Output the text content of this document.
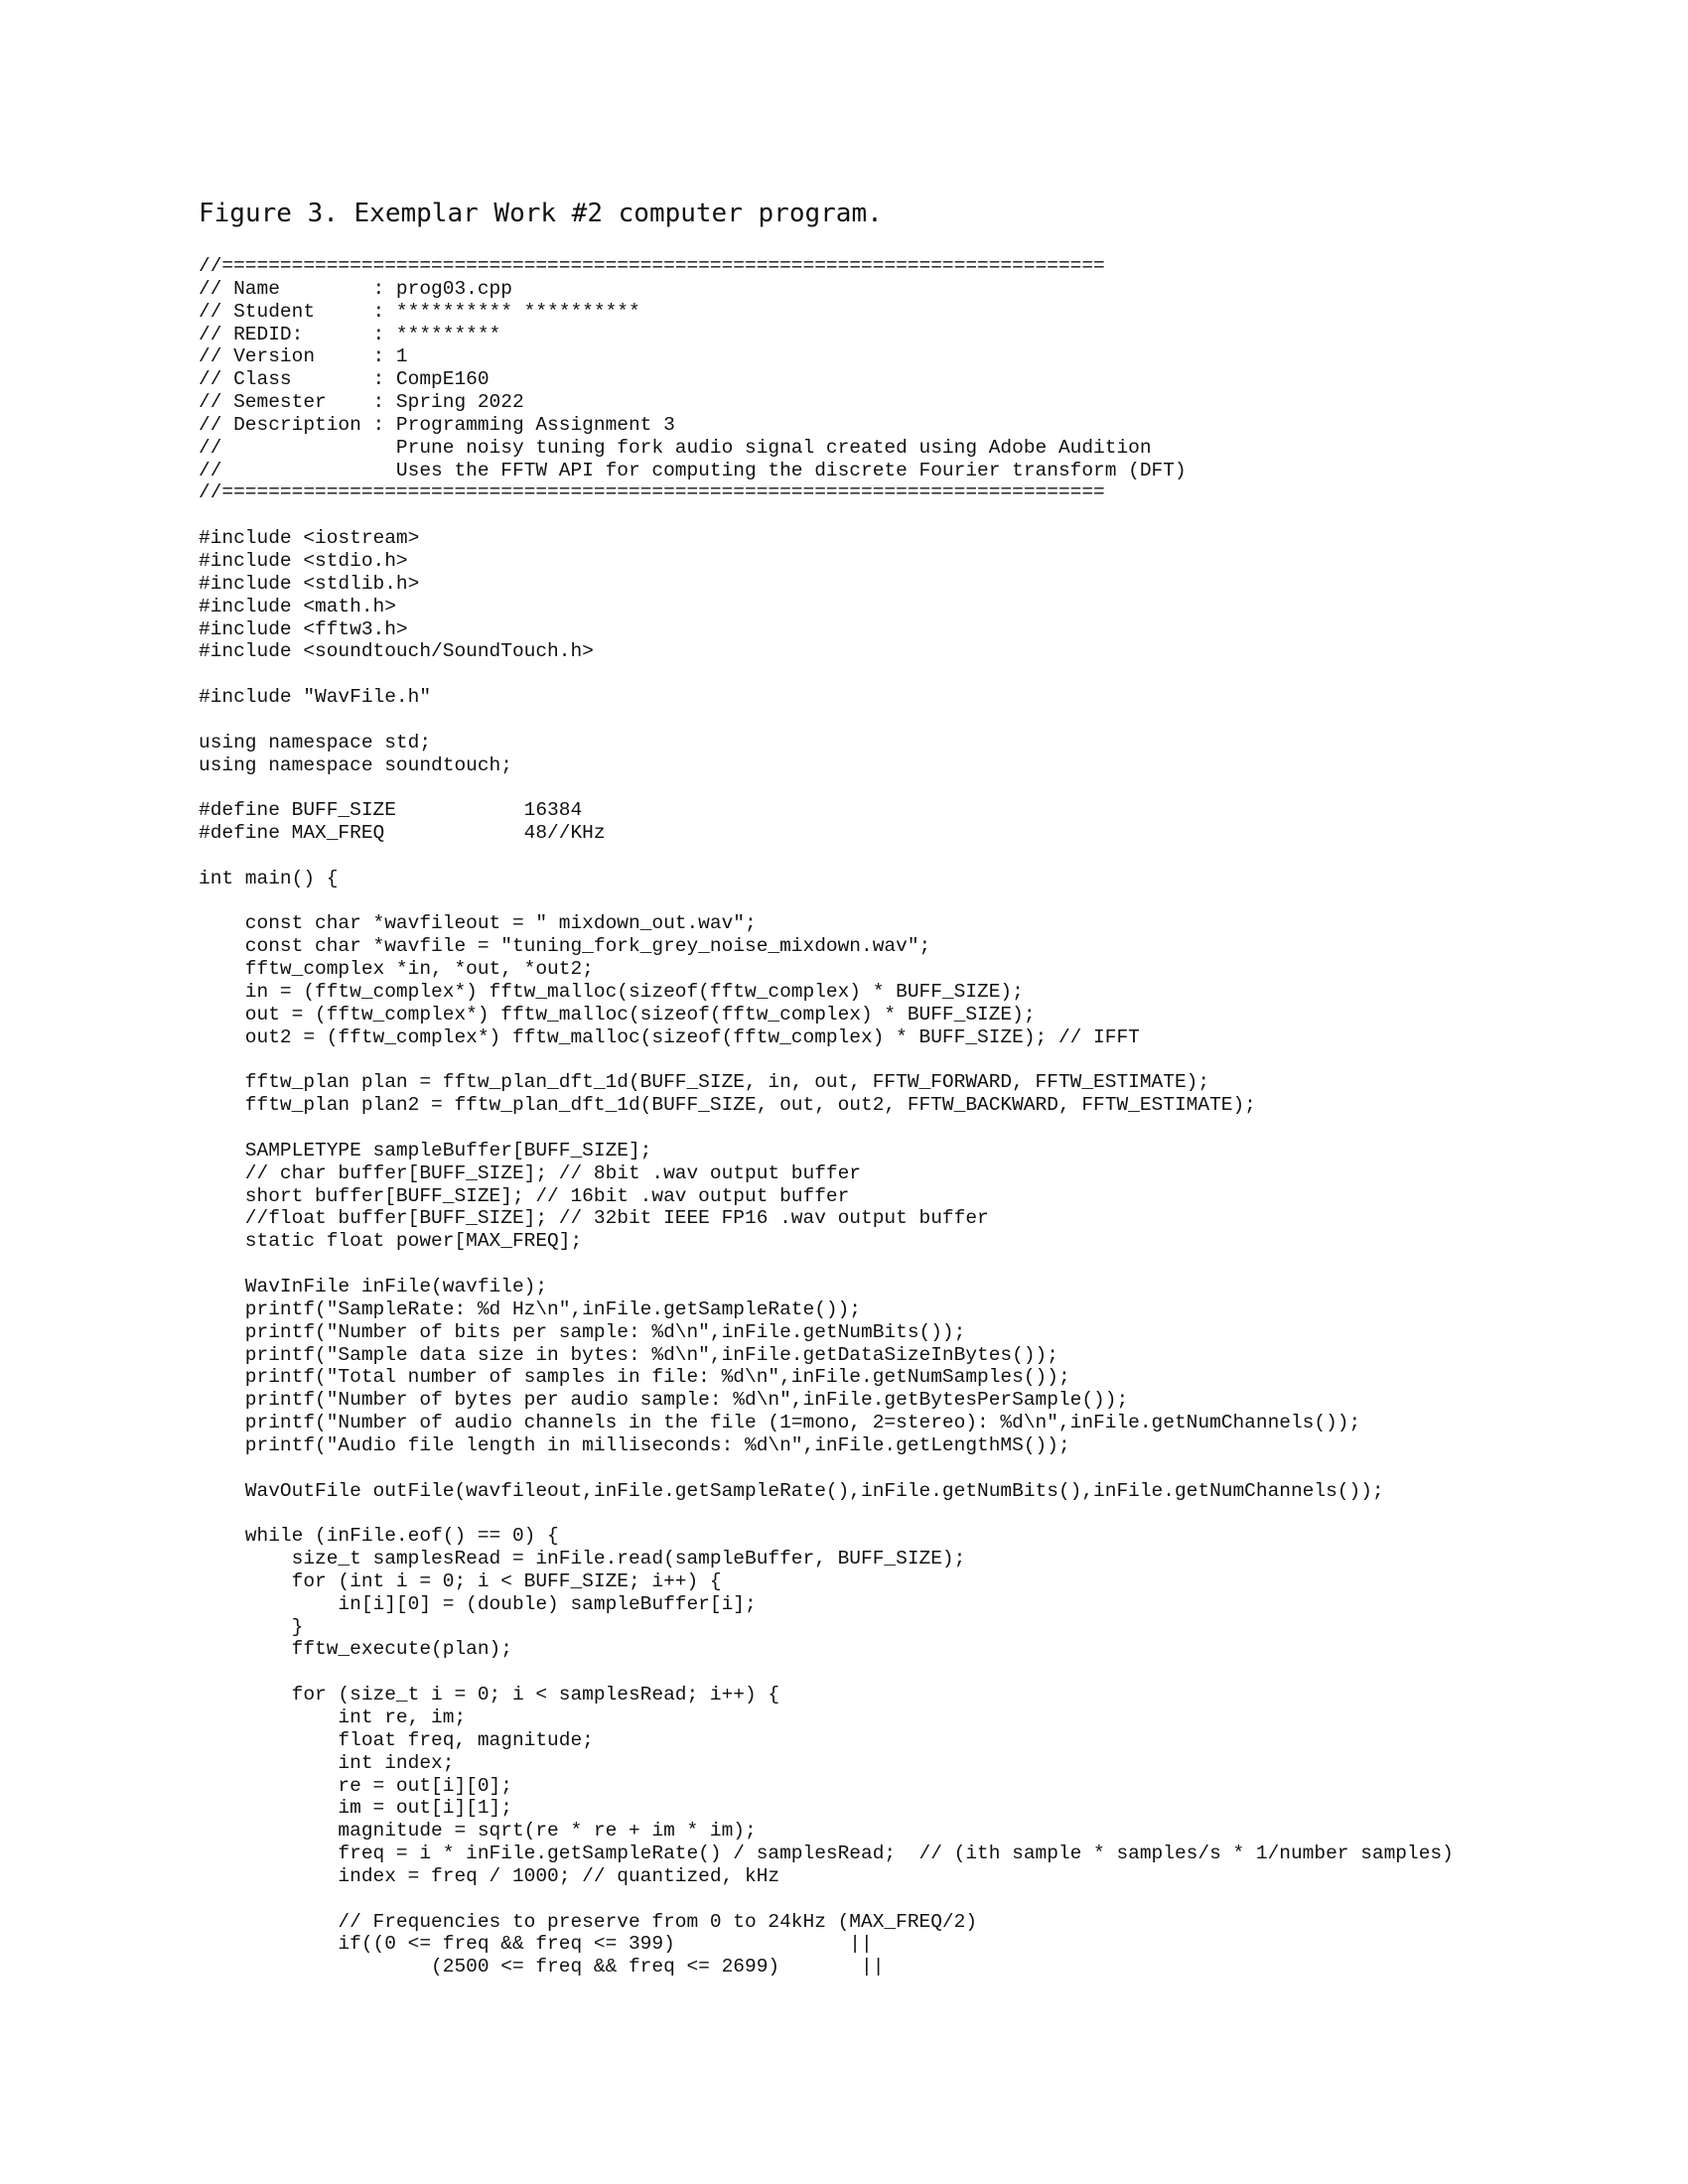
Figure 3. Exemplar Work #2 computer program.

//============================================================================
// Name        : prog03.cpp
// Student     : ********** **********
// REDID:      : *********
// Version     : 1
// Class       : CompE160
// Semester    : Spring 2022
// Description : Programming Assignment 3
//               Prune noisy tuning fork audio signal created using Adobe Audition
//               Uses the FFTW API for computing the discrete Fourier transform (DFT)
//============================================================================

#include <iostream>
#include <stdio.h>
#include <stdlib.h>
#include <math.h>
#include <fftw3.h>
#include <soundtouch/SoundTouch.h>

#include "WavFile.h"

using namespace std;
using namespace soundtouch;

#define BUFF_SIZE           16384
#define MAX_FREQ            48//KHz

int main() {

const char *wavfileout = " mixdown_out.wav";
const char *wavfile = "tuning_fork_grey_noise_mixdown.wav";
fftw_complex *in, *out, *out2;
in = (fftw_complex*) fftw_malloc(sizeof(fftw_complex) * BUFF_SIZE);
out = (fftw_complex*) fftw_malloc(sizeof(fftw_complex) * BUFF_SIZE);
out2 = (fftw_complex*) fftw_malloc(sizeof(fftw_complex) * BUFF_SIZE); // IFFT

fftw_plan plan = fftw_plan_dft_1d(BUFF_SIZE, in, out, FFTW_FORWARD, FFTW_ESTIMATE);
fftw_plan plan2 = fftw_plan_dft_1d(BUFF_SIZE, out, out2, FFTW_BACKWARD, FFTW_ESTIMATE);

SAMPLETYPE sampleBuffer[BUFF_SIZE];
// char buffer[BUFF_SIZE]; // 8bit .wav output buffer
short buffer[BUFF_SIZE]; // 16bit .wav output buffer
//float buffer[BUFF_SIZE]; // 32bit IEEE FP16 .wav output buffer
static float power[MAX_FREQ];

WavInFile inFile(wavfile);
printf("SampleRate: %d Hz\n",inFile.getSampleRate());
printf("Number of bits per sample: %d\n",inFile.getNumBits());
printf("Sample data size in bytes: %d\n",inFile.getDataSizeInBytes());
printf("Total number of samples in file: %d\n",inFile.getNumSamples());
printf("Number of bytes per audio sample: %d\n",inFile.getBytesPerSample());
printf("Number of audio channels in the file (1=mono, 2=stereo): %d\n",inFile.getNumChannels());
printf("Audio file length in milliseconds: %d\n",inFile.getLengthMS());

WavOutFile outFile(wavfileout,inFile.getSampleRate(),inFile.getNumBits(),inFile.getNumChannels());

while (inFile.eof() == 0) {
size_t samplesRead = inFile.read(sampleBuffer, BUFF_SIZE);
for (int i = 0; i < BUFF_SIZE; i++) {
in[i][0] = (double) sampleBuffer[i];
}
fftw_execute(plan);

for (size_t i = 0; i < samplesRead; i++) {
int re, im;
float freq, magnitude;
int index;
re = out[i][0];
im = out[i][1];
magnitude = sqrt(re * re + im * im);
freq = i * inFile.getSampleRate() / samplesRead;  // (ith sample * samples/s * 1/number samples)
index = freq / 1000; // quantized, kHz

// Frequencies to preserve from 0 to 24kHz (MAX_FREQ/2)
if((0 <= freq && freq <= 399)               ||
(2500 <= freq && freq <= 2699)       ||
